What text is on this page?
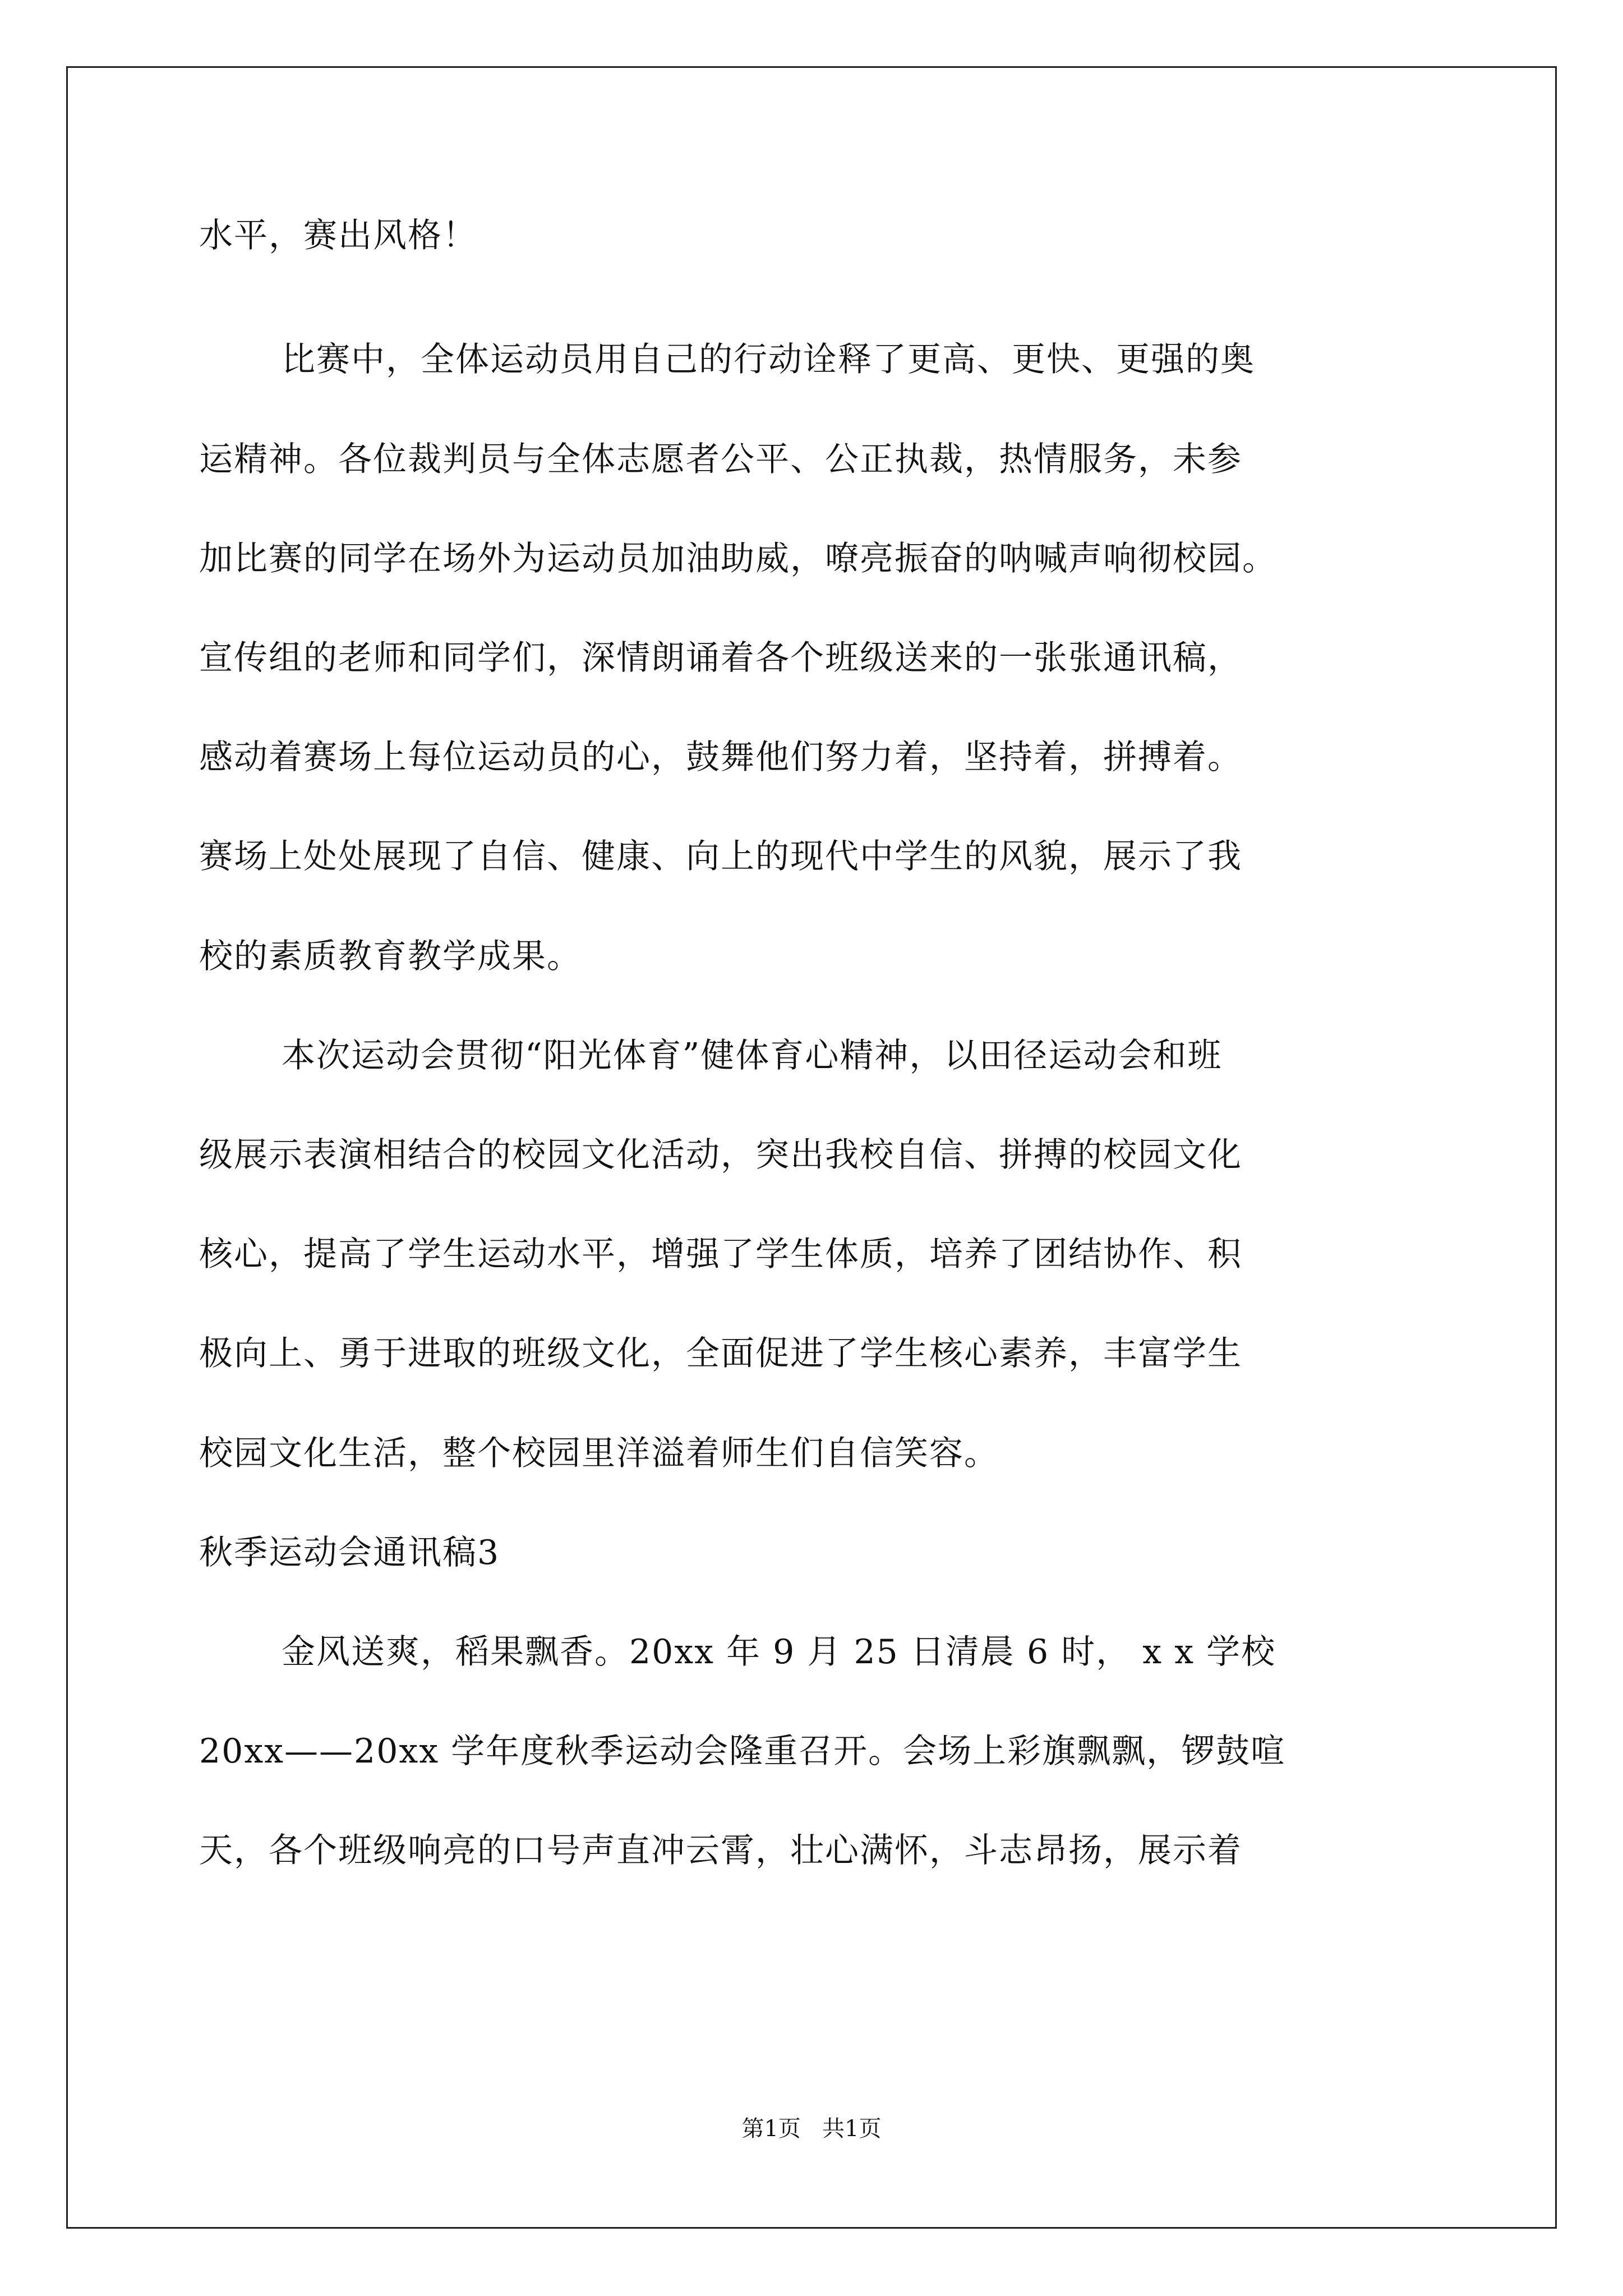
水平，赛出风格！
比赛中，全体运动员用自己的行动诠释了更高、更快、更强的奥
运精神。各位裁判员与全体志愿者公平、公正执裁，热情服务，未参
加比赛的同学在场外为运动员加油助威，嘹亮振奋的呐喊声响彻校园。
宣传组的老师和同学们，深情朗诵着各个班级送来的一张张通讯稿，
感动着赛场上每位运动员的心，鼓舞他们努力着，坚持着，拼搏着。
赛场上处处展现了自信、健康、向上的现代中学生的风貌，展示了我
校的素质教育教学成果。
本次运动会贯彻“阳光体育”健体育心精神，以田径运动会和班
级展示表演相结合的校园文化活动，突出我校自信、拼搏的校园文化
核心，提高了学生运动水平，增强了学生体质，培养了团结协作、积
极向上、勇于进取的班级文化，全面促进了学生核心素养，丰富学生
校园文化生活，整个校园里洋溢着师生们自信笑容。
秋季运动会通讯稿3
金风送爽，稻果飘香。20xx 年 9 月 25 日清晨 6 时， x x 学校
20xx——20xx 学年度秋季运动会隆重召开。会场上彩旗飘飘，锣鼓喧
天，各个班级响亮的口号声直冲云霄，壮心满怀，斗志昂扬，展示着
第1页   共1页
